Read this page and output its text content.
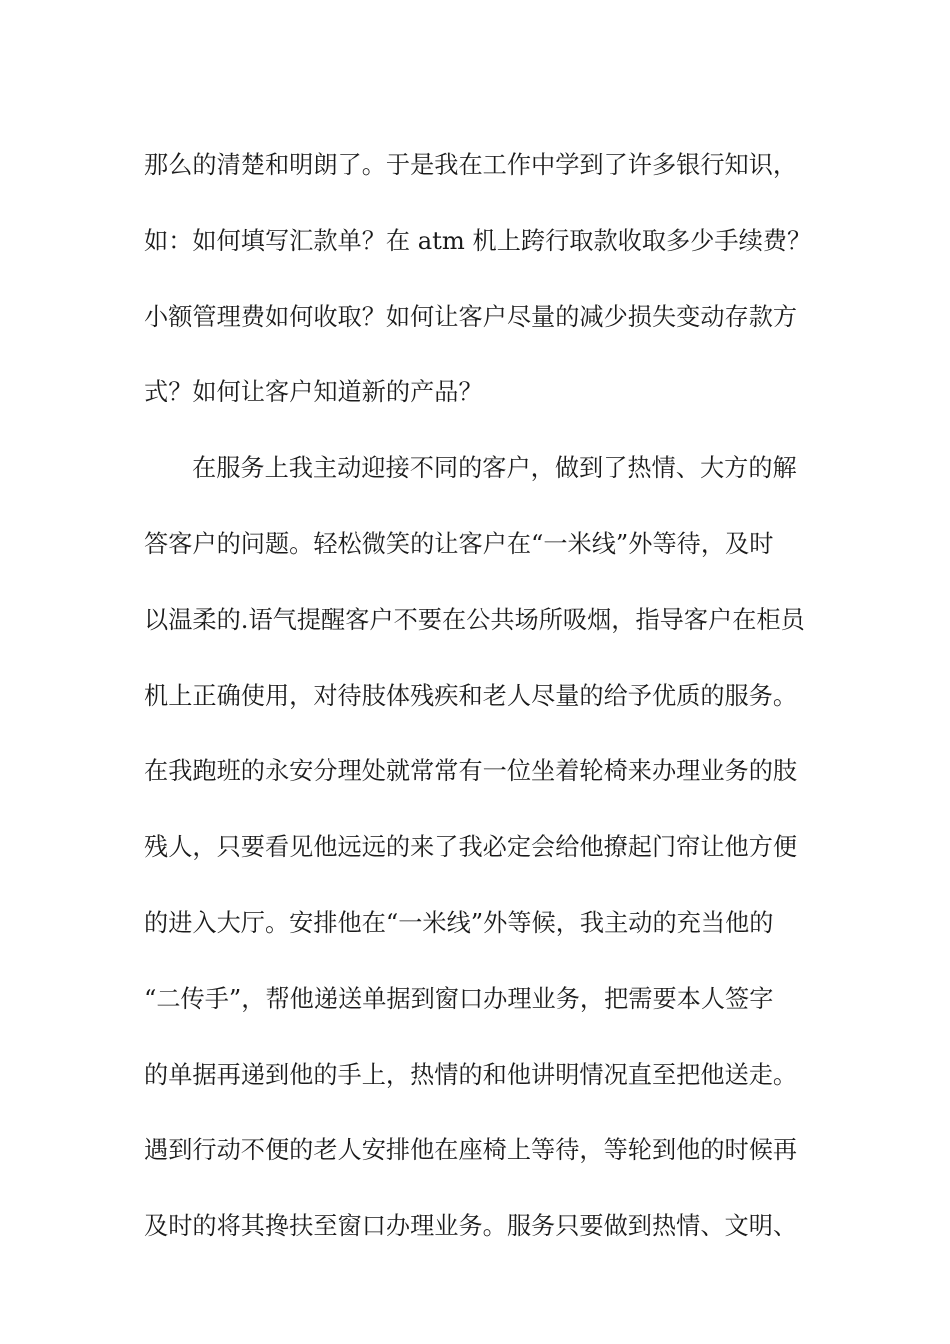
那么的清楚和明朗了。于是我在工作中学到了许多银行知识，
如：如何填写汇款单？在 atm 机上跨行取款收取多少手续费？
小额管理费如何收取？如何让客户尽量的减少损失变动存款方
式？如何让客户知道新的产品？
在服务上我主动迎接不同的客户，做到了热情、大方的解
答客户的问题。轻松微笑的让客户在“一米线”外等待，及时
以温柔的.语气提醒客户不要在公共场所吸烟，指导客户在柜员
机上正确使用，对待肢体残疾和老人尽量的给予优质的服务。
在我跑班的永安分理处就常常有一位坐着轮椅来办理业务的肢
残人，只要看见他远远的来了我必定会给他撩起门帘让他方便
的进入大厅。安排他在“一米线”外等候，我主动的充当他的
“二传手”，帮他递送单据到窗口办理业务，把需要本人签字
的单据再递到他的手上，热情的和他讲明情况直至把他送走。
遇到行动不便的老人安排他在座椅上等待，等轮到他的时候再
及时的将其搀扶至窗口办理业务。服务只要做到热情、文明、
